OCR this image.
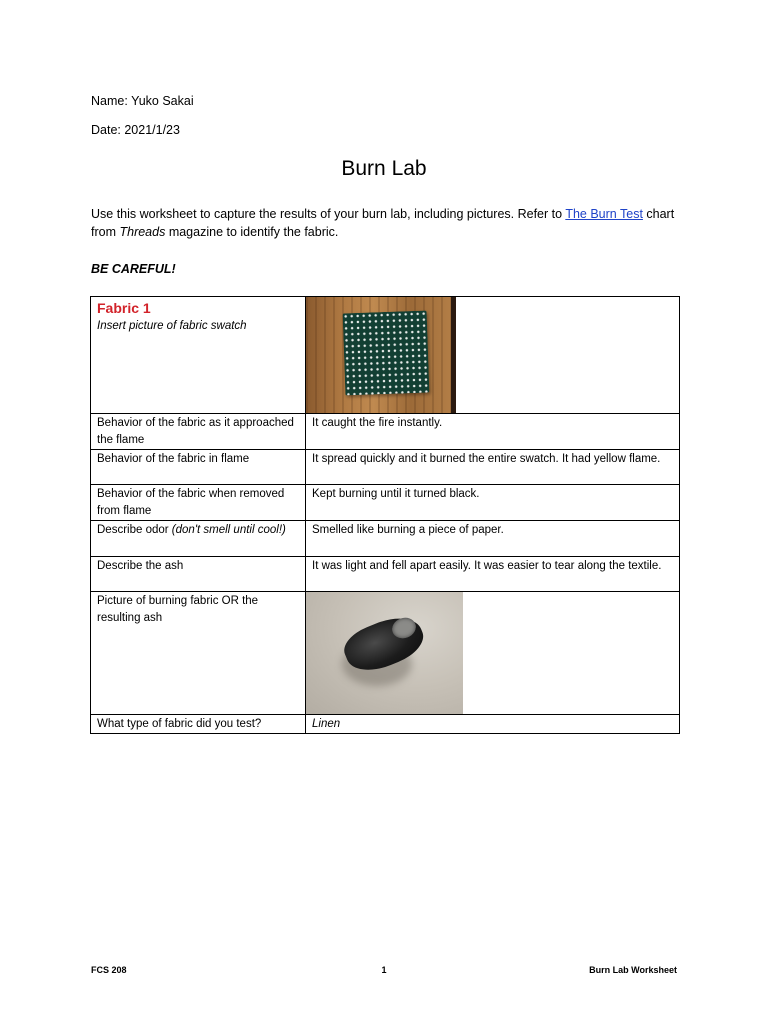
Name: Yuko Sakai
Date: 2021/1/23
Burn Lab
Use this worksheet to capture the results of your burn lab, including pictures. Refer to The Burn Test chart from Threads magazine to identify the fabric.
BE CAREFUL!
Fabric 1
Insert picture of fabric swatch	

Behavior of the fabric as it approached the flame	It caught the fire instantly.
Behavior of the fabric in flame	It spread quickly and it burned the entire swatch. It had yellow flame.
Behavior of the fabric when removed from flame	Kept burning until it turned black.
Describe odor (don't smell until cool!)	Smelled like burning a piece of paper.
Describe the ash	It was light and fell apart easily. It was easier to tear along the textile.
Picture of burning fabric OR the resulting ash	

What type of fabric did you test?	Linen
FCS 208	1	Burn Lab Worksheet
